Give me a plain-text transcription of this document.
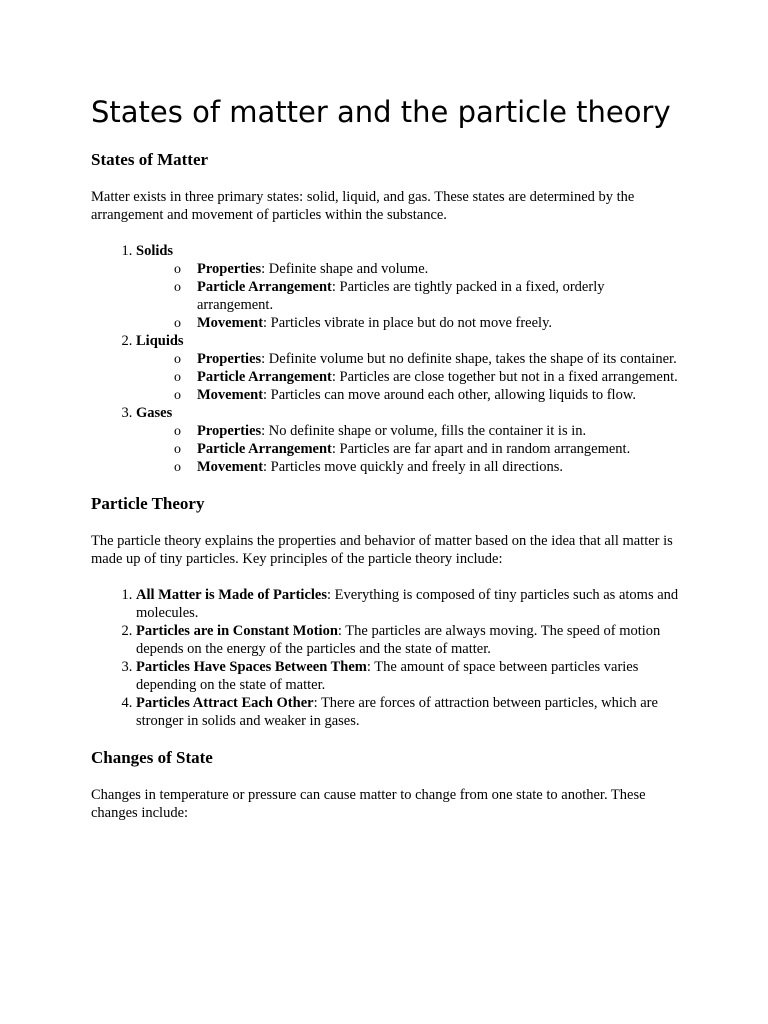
States of matter and the particle theory
States of Matter

Matter exists in three primary states: solid, liquid, and gas. These states are determined by the arrangement and movement of particles within the substance.

1. Solids
o Properties: Definite shape and volume.
o Particle Arrangement: Particles are tightly packed in a fixed, orderly arrangement.
o Movement: Particles vibrate in place but do not move freely.
2. Liquids
o Properties: Definite volume but no definite shape, takes the shape of its container.
o Particle Arrangement: Particles are close together but not in a fixed arrangement.
o Movement: Particles can move around each other, allowing liquids to flow.
3. Gases
o Properties: No definite shape or volume, fills the container it is in.
o Particle Arrangement: Particles are far apart and in random arrangement.
o Movement: Particles move quickly and freely in all directions.
Particle Theory

The particle theory explains the properties and behavior of matter based on the idea that all matter is made up of tiny particles. Key principles of the particle theory include:

1. All Matter is Made of Particles: Everything is composed of tiny particles such as atoms and molecules.
2. Particles are in Constant Motion: The particles are always moving. The speed of motion depends on the energy of the particles and the state of matter.
3. Particles Have Spaces Between Them: The amount of space between particles varies depending on the state of matter.
4. Particles Attract Each Other: There are forces of attraction between particles, which are stronger in solids and weaker in gases.
Changes of State

Changes in temperature or pressure can cause matter to change from one state to another. These changes include:
